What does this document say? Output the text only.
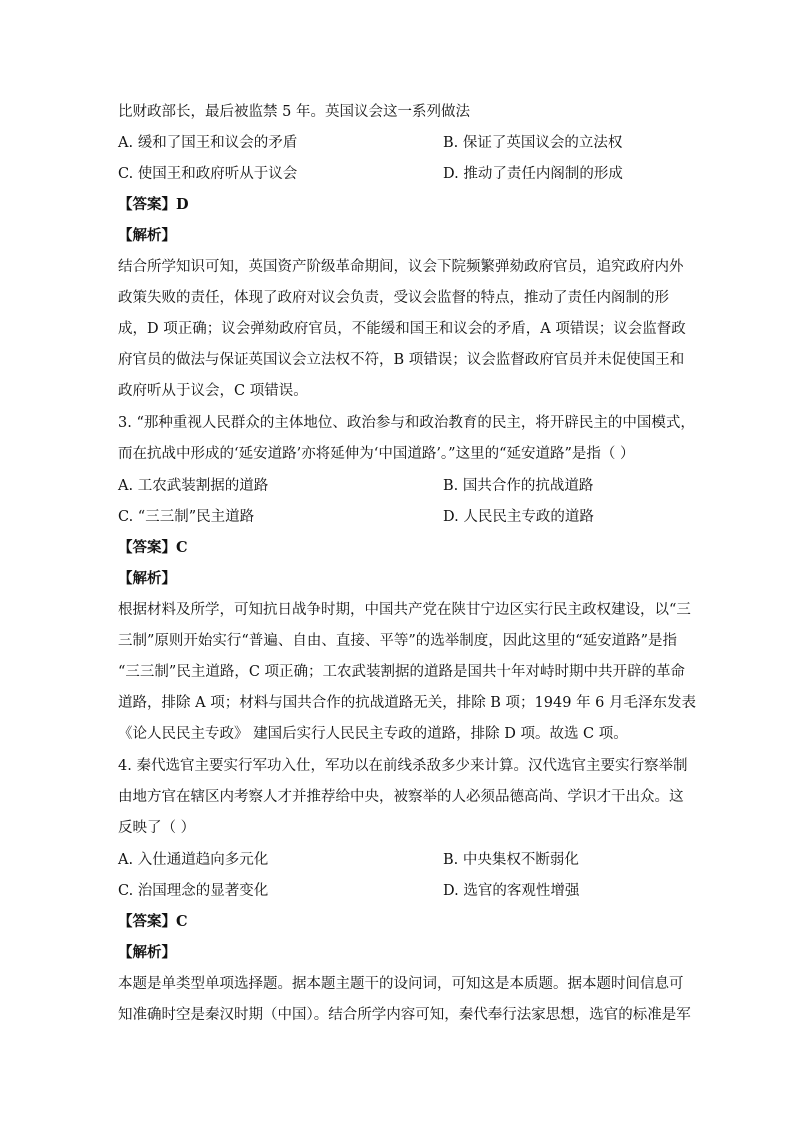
比财政部长，最后被监禁 5 年。英国议会这一系列做法
A. 缓和了国王和议会的矛盾	B. 保证了英国议会的立法权
C. 使国王和政府听从于议会	D. 推动了责任内阁制的形成
【答案】D
【解析】
结合所学知识可知，英国资产阶级革命期间，议会下院频繁弹劾政府官员，追究政府内外
政策失败的责任，体现了政府对议会负责，受议会监督的特点，推动了责任内阁制的形
成，D 项正确；议会弹劾政府官员，不能缓和国王和议会的矛盾，A 项错误；议会监督政
府官员的做法与保证英国议会立法权不符，B 项错误；议会监督政府官员并未促使国王和
政府听从于议会，C 项错误。
3. “那种重视人民群众的主体地位、政治参与和政治教育的民主，将开辟民主的中国模式，
而在抗战中形成的‘延安道路’亦将延伸为‘中国道路’。”这里的“延安道路”是指（ ）
A. 工农武装割据的道路	B. 国共合作的抗战道路
C. “三三制”民主道路	D. 人民民主专政的道路
【答案】C
【解析】
根据材料及所学，可知抗日战争时期，中国共产党在陕甘宁边区实行民主政权建设，以“三
三制”原则开始实行“普遍、自由、直接、平等”的选举制度，因此这里的“延安道路”是指
“三三制”民主道路，C 项正确；工农武装割据的道路是国共十年对峙时期中共开辟的革命
道路，排除 A 项；材料与国共合作的抗战道路无关，排除 B 项；1949 年 6 月毛泽东发表
《论人民民主专政》 建国后实行人民民主专政的道路，排除 D 项。故选 C 项。
4. 秦代选官主要实行军功入仕，军功以在前线杀敌多少来计算。汉代选官主要实行察举制
由地方官在辖区内考察人才并推荐给中央，被察举的人必须品德高尚、学识才干出众。这
反映了（ ）
A. 入仕通道趋向多元化	B. 中央集权不断弱化
C. 治国理念的显著变化	D. 选官的客观性增强
【答案】C
【解析】
本题是单类型单项选择题。据本题主题干的设问词，可知这是本质题。据本题时间信息可
知准确时空是秦汉时期（中国）。结合所学内容可知，秦代奉行法家思想，选官的标准是军
